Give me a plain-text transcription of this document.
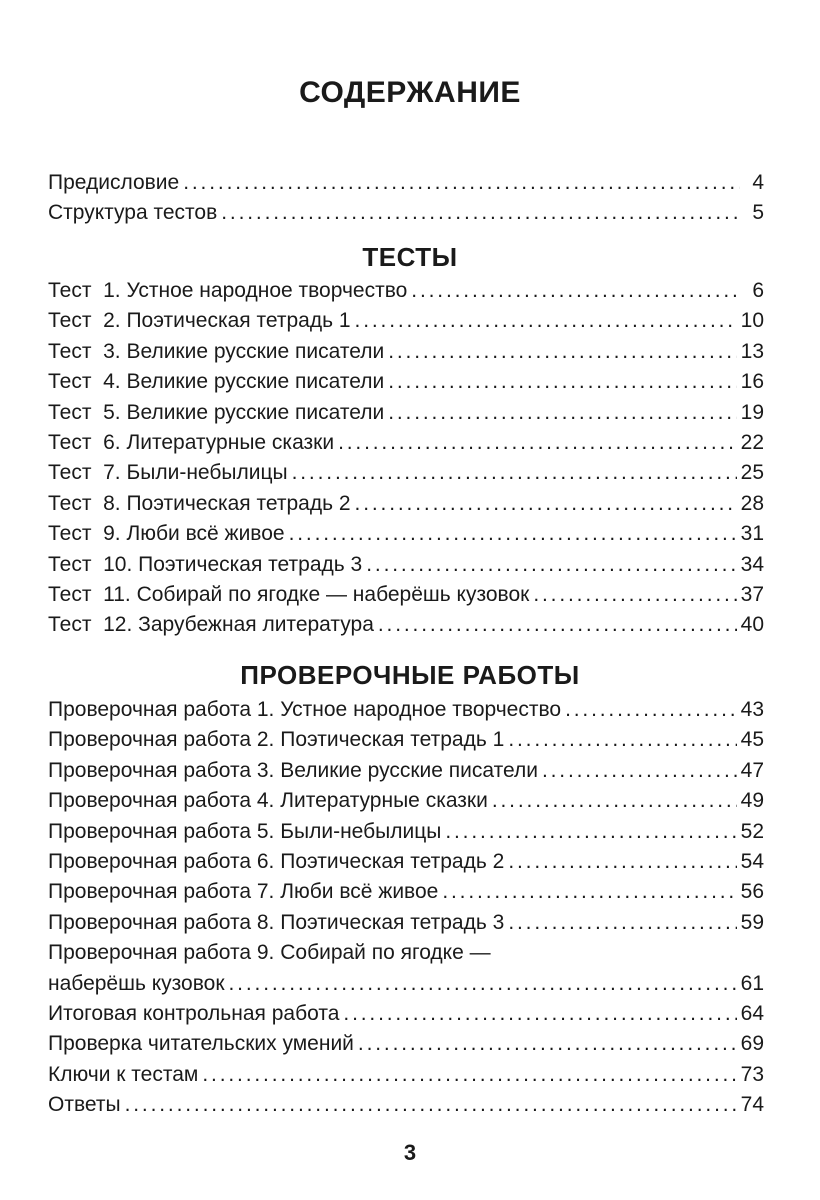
СОДЕРЖАНИЕ
Предисловие . . .	4
Структура тестов . . .	5
ТЕСТЫ
Тест  1. Устное народное творчество . . .	6
Тест  2. Поэтическая тетрадь 1 . . .	10
Тест  3. Великие русские писатели . . .	13
Тест  4. Великие русские писатели . . .	16
Тест  5. Великие русские писатели . . .	19
Тест  6. Литературные сказки . . .	22
Тест  7. Были-небылицы . . .	25
Тест  8. Поэтическая тетрадь 2 . . .	28
Тест  9. Люби всё живое . . .	31
Тест  10. Поэтическая тетрадь 3 . . .	34
Тест  11. Собирай по ягодке — наберёшь кузовок . . .	37
Тест  12. Зарубежная литература . . .	40
ПРОВЕРОЧНЫЕ РАБОТЫ
Проверочная работа 1. Устное народное творчество . . .	43
Проверочная работа 2. Поэтическая тетрадь 1 . . .	45
Проверочная работа 3. Великие русские писатели . . .	47
Проверочная работа 4. Литературные сказки . . .	49
Проверочная работа 5. Были-небылицы . . .	52
Проверочная работа 6. Поэтическая тетрадь 2 . . .	54
Проверочная работа 7. Люби всё живое . . .	56
Проверочная работа 8. Поэтическая тетрадь 3 . . .	59
Проверочная работа 9. Собирай по ягодке —
наберёшь кузовок . . .	61
Итоговая контрольная работа . . .	64
Проверка читательских умений . . .	69
Ключи к тестам . . .	73
Ответы . . .	74
3
